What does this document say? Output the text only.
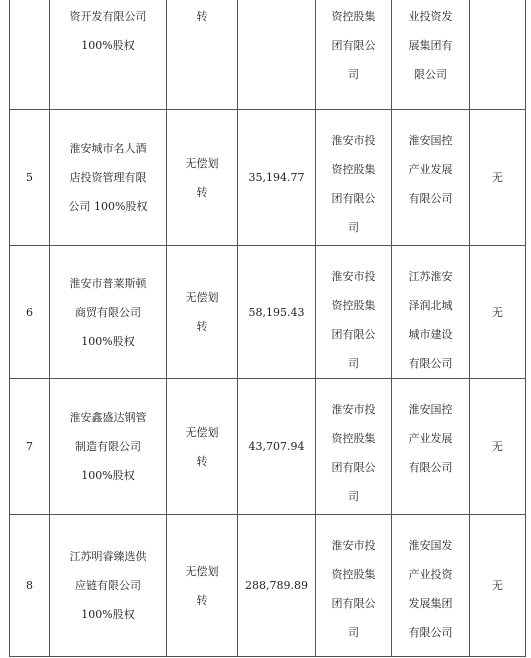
	资开发有限公司
100%股权	转		资控股集
团有限公
司	业投资发
展集团有
限公司	

5	淮安城市名人酒
店投资管理有限
公司 100%股权	无偿划
转	35,194.77	淮安市投
资控股集
团有限公
司	淮安国控
产业发展
有限公司	无
6	淮安市普莱斯顿
商贸有限公司
100%股权	无偿划
转	58,195.43	淮安市投
资控股集
团有限公
司	江苏淮安
泽润北城
城市建设
有限公司	无
7	淮安鑫盛达钢管
制造有限公司
100%股权	无偿划
转	43,707.94	淮安市投
资控股集
团有限公
司	淮安国控
产业发展
有限公司	无
8	江苏明睿臻选供
应链有限公司
100%股权	无偿划
转	288,789.89	淮安市投
资控股集
团有限公
司	淮安国发
产业投资
发展集团
有限公司	无
